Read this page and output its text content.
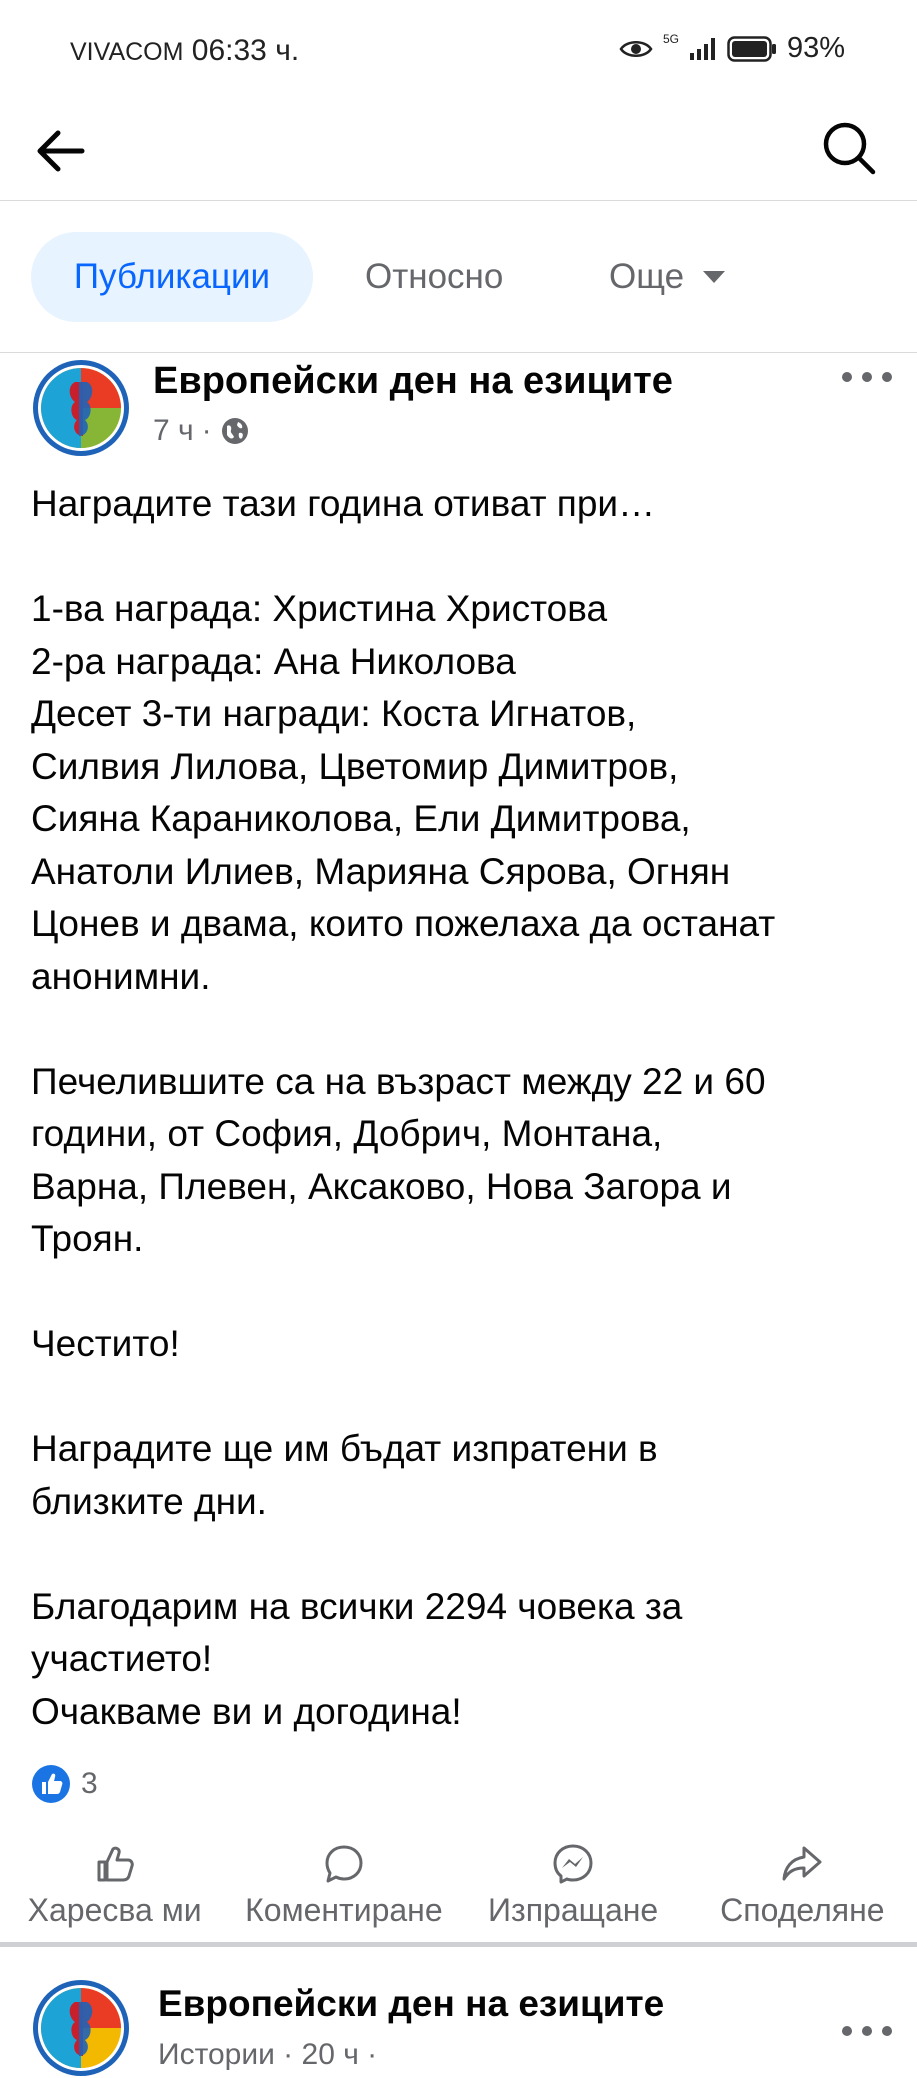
VIVACOM 06:33 ч.	5G	93%
Публикации	Относно	Още
Европейски ден на езиците
7 ч ·
Наградите тази година отиват при…

1-ва награда: Христина Христова
2-ра награда: Ана Николова
Десет 3-ти награди: Коста Игнатов,
Силвия Лилова, Цветомир Димитров,
Сияна Караниколова, Ели Димитрова,
Анатоли Илиев, Марияна Сярова, Огнян
Цонев и двама, които пожелаха да останат
анонимни.

Печелившите са на възраст между 22 и 60
години, от София, Добрич, Монтана,
Варна, Плевен, Аксаково, Нова Загора и
Троян.

Честито!

Наградите ще им бъдат изпратени в
близките дни.

Благодарим на всички 2294 човека за
участието!
Очакваме ви и догодина!
3
Харесва ми Коментиране Изпращане Споделяне
Европейски ден на езиците
Истории · 20 ч ·
